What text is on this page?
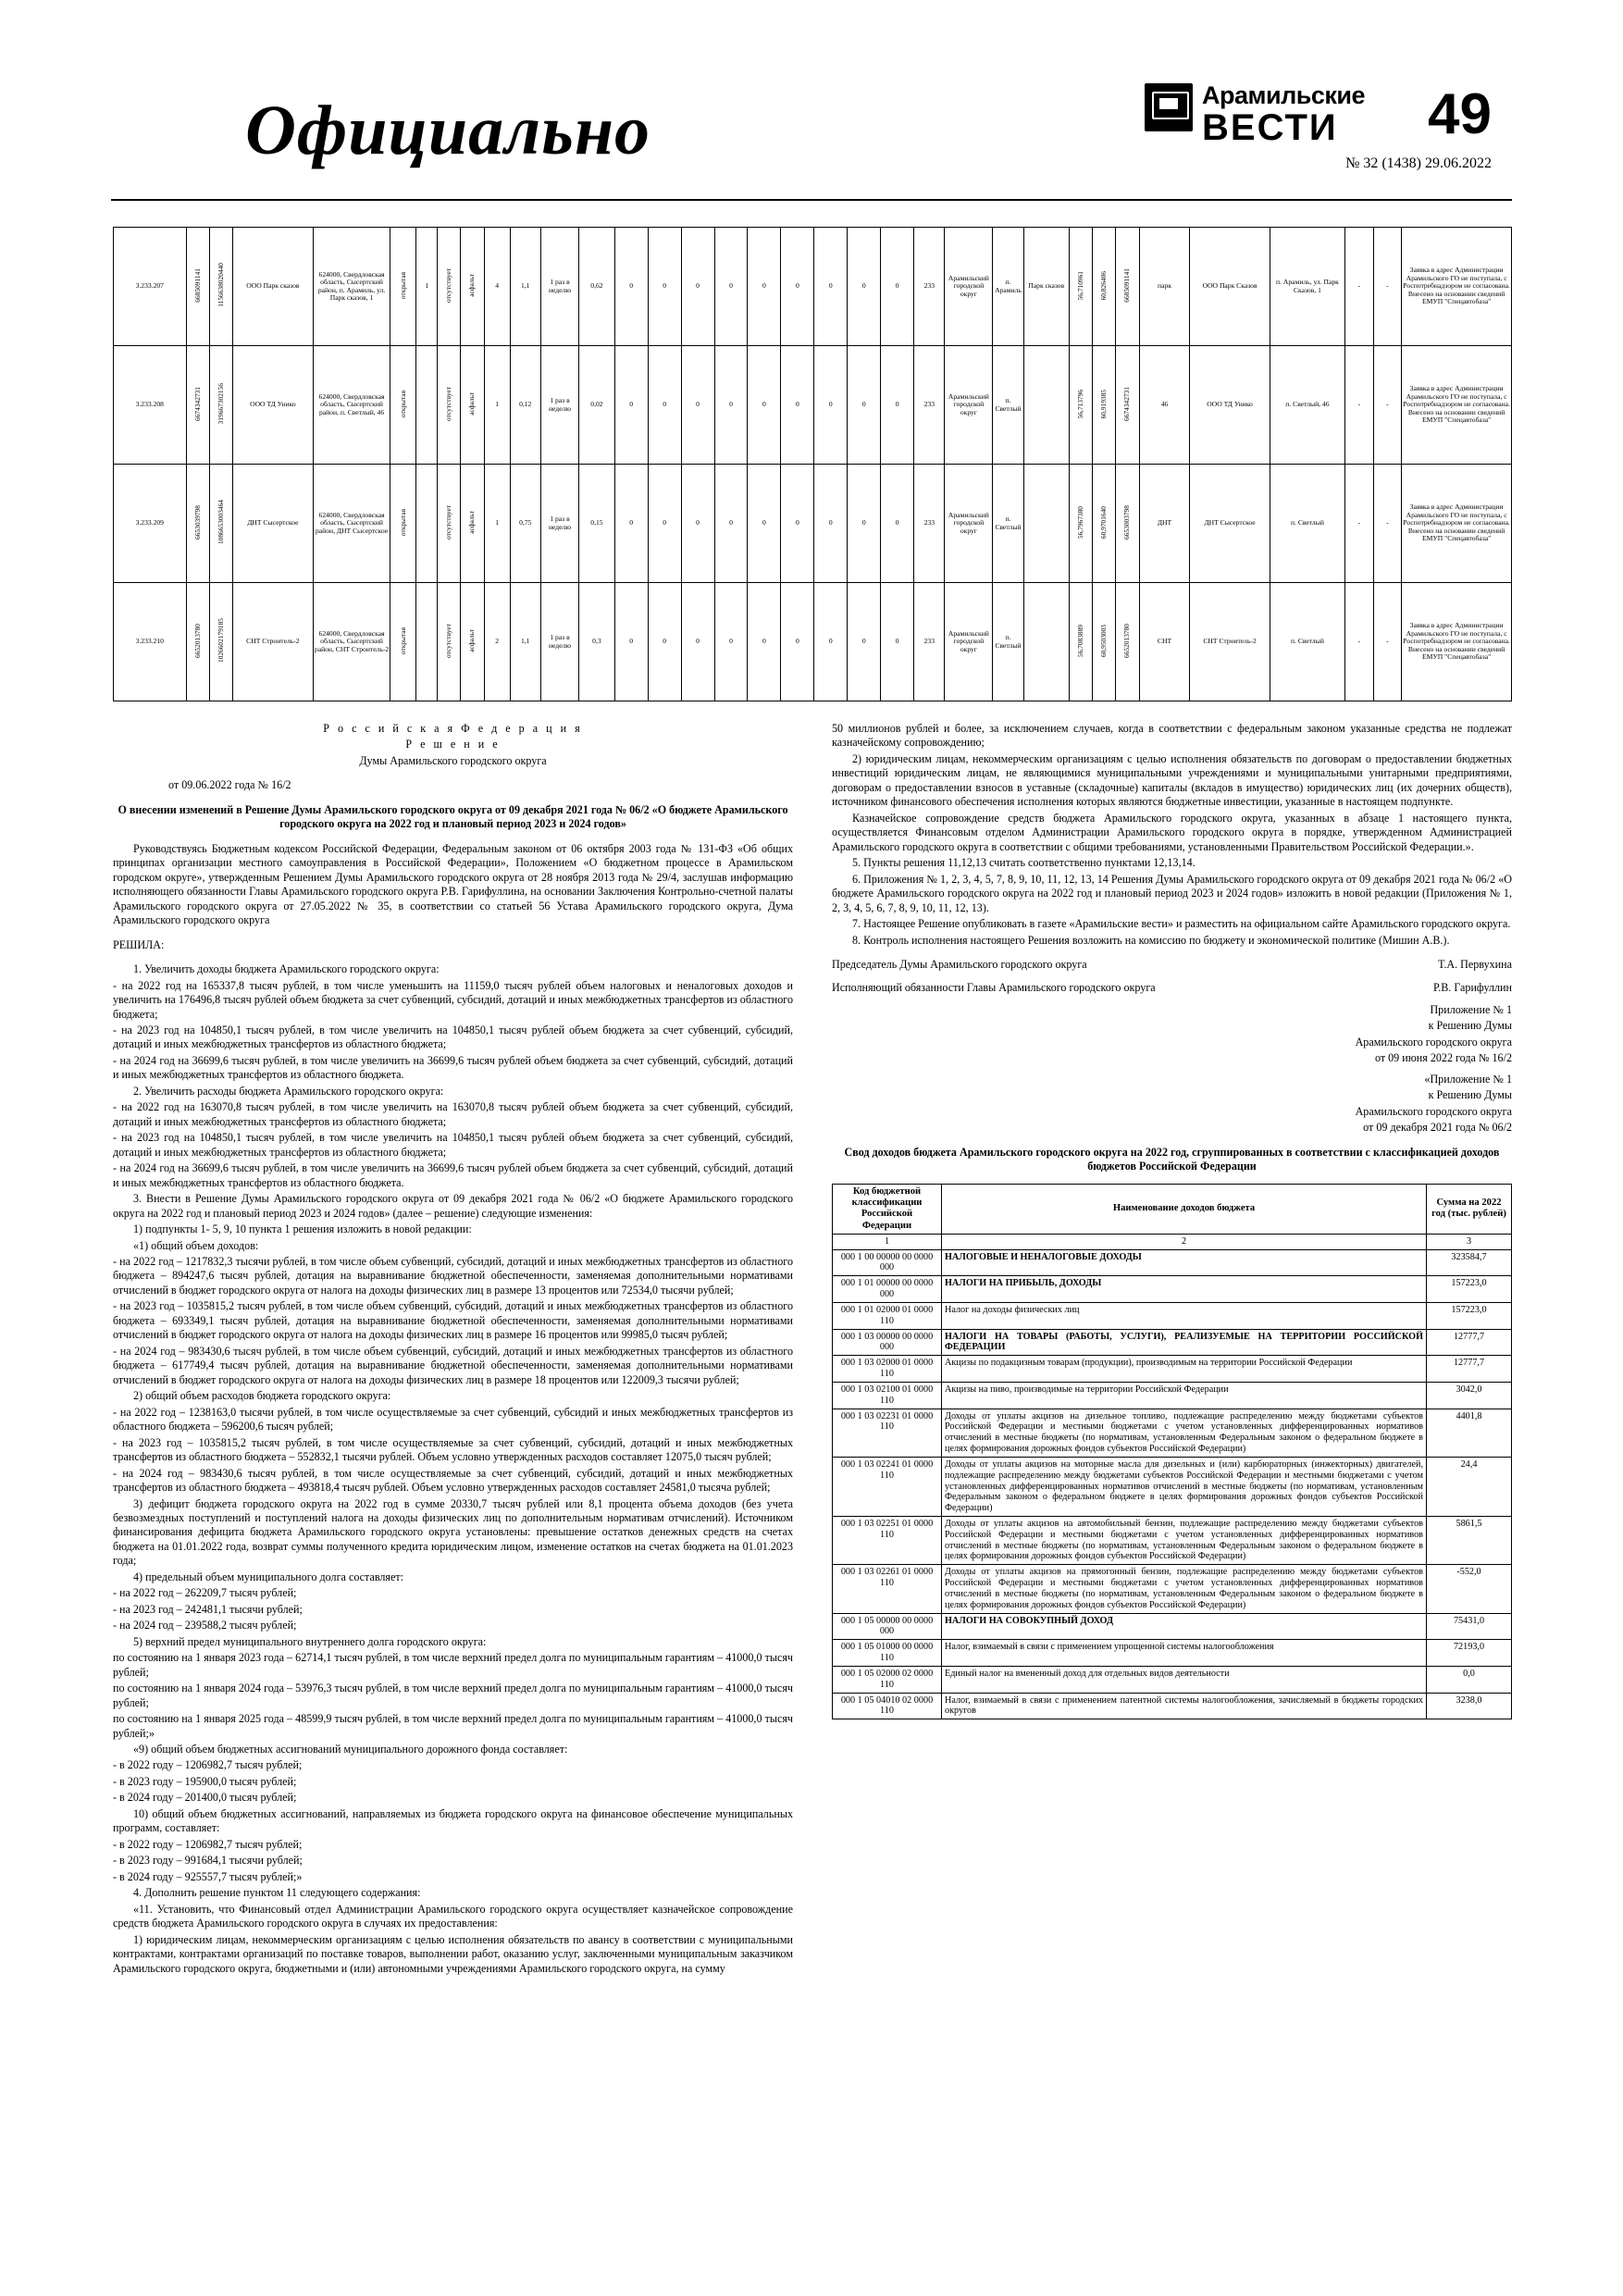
Официально	Арамильские
ВЕСТИ	49
№ 32 (1438) 29.06.2022
3.233.207	6685091141	1156638020440	ООО Парк сказов	624000, Свердловская область, Сысертский район, п. Арамиль, ул. Парк сказов, 1	открытая	1	отсутствует	асфальт	4	1,1	1 раз в неделю	0,62	0	0	0	0	0	0	0	0	0	233	Арамильский городской округ	п. Арамиль	Парк сказов	56,710961	60,826406	6685091141	парк	ООО Парк Сказов	п. Арамиль, ул. Парк Сказов, 1	-	-	Заявка в адрес Администрации Арамильского ГО не поступала, с Роспотребнадзором не согласована. Внесено на основании сведений ЕМУП "Спецавтобаза"
3.233.208	6674342731	319667302156	ООО ТД Унико	624000, Свердловская область, Сысертский район, п. Светлый, 46	открытая		отсутствует	асфальт	1	0,12	1 раз в неделю	0,02	0	0	0	0	0	0	0	0	0	233	Арамильский городской округ	п. Светлый		56,713796	60,919385	6674342731	46	ООО ТД Унико	п. Светлый, 46	-	-	Заявка в адрес Администрации Арамильского ГО не поступала, с Роспотребнадзором не согласована. Внесено на основании сведений ЕМУП "Спецавтобаза"
3.233.209	6653039798	1086653003464	ДНТ Сысертское	624000, Свердловская область, Сысертский район, ДНТ Сысертское	открытая		отсутствует	асфальт	1	0,75	1 раз в неделю	0,15	0	0	0	0	0	0	0	0	0	233	Арамильский городской округ	п. Светлый		56,7967380	60,9701640	6653003798	ДНТ	ДНТ Сысертское	п. Светлый	-	-	Заявка в адрес Администрации Арамильского ГО не поступала, с Роспотребнадзором не согласована. Внесено на основании сведений ЕМУП "Спецавтобаза"
3.233.210	6652013780	1026602179185	СНТ Строитель-2	624000, Свердловская область, Сысертский район, СНТ Строитель-2	открытая		отсутствует	асфальт	2	1,1	1 раз в неделю	0,3	0	0	0	0	0	0	0	0	0	233	Арамильский городской округ	п. Светлый		56,7083889	60,9503003	6652013780	СНТ	СНТ Строитель-2	п. Светлый	-	-	Заявка в адрес Администрации Арамильского ГО не поступала, с Роспотребнадзором не согласована. Внесено на основании сведений ЕМУП "Спецавтобаза"

Р о с с и й с к а я Ф е д е р а ц и я

Р е ш е н и е

Думы Арамильского городского округа

от 09.06.2022 года № 16/2

О внесении изменений в Решение Думы Арамильского городского округа от 09 декабря 2021 года № 06/2 «О бюджете Арамильского городского округа на 2022 год и плановый период 2023 и 2024 годов»

Руководствуясь Бюджетным кодексом Российской Федерации, Федеральным законом от 06 октября 2003 года № 131-ФЗ «Об общих принципах организации местного самоуправления в Российской Федерации», Положением «О бюджетном процессе в Арамильском городском округе», утвержденным Решением Думы Арамильского городского округа от 28 ноября 2013 года № 29/4, заслушав информацию исполняющего обязанности Главы Арамильского городского округа Р.В. Гарифуллина, на основании Заключения Контрольно-счетной палаты Арамильского городского округа от 27.05.2022 № 35, в соответствии со статьей 56 Устава Арамильского городского округа, Дума Арамильского городского округа

РЕШИЛА:

1. Увеличить доходы бюджета Арамильского городского округа:

- на 2022 год на 165337,8 тысяч рублей, в том числе уменьшить на 11159,0 тысяч рублей объем налоговых и неналоговых доходов и увеличить на 176496,8 тысяч рублей объем бюджета за счет субвенций, субсидий, дотаций и иных межбюджетных трансфертов из областного бюджета;

- на 2023 год на 104850,1 тысяч рублей, в том числе увеличить на 104850,1 тысяч рублей объем бюджета за счет субвенций, субсидий, дотаций и иных межбюджетных трансфертов из областного бюджета;

- на 2024 год на 36699,6 тысяч рублей, в том числе увеличить на 36699,6 тысяч рублей объем бюджета за счет субвенций, субсидий, дотаций и иных межбюджетных трансфертов из областного бюджета.

2. Увеличить расходы бюджета Арамильского городского округа:

- на 2022 год на 163070,8 тысяч рублей, в том числе увеличить на 163070,8 тысяч рублей объем бюджета за счет субвенций, субсидий, дотаций и иных межбюджетных трансфертов из областного бюджета;

- на 2023 год на 104850,1 тысяч рублей, в том числе увеличить на 104850,1 тысяч рублей объем бюджета за счет субвенций, субсидий, дотаций и иных межбюджетных трансфертов из областного бюджета;

- на 2024 год на 36699,6 тысяч рублей, в том числе увеличить на 36699,6 тысяч рублей объем бюджета за счет субвенций, субсидий, дотаций и иных межбюджетных трансфертов из областного бюджета.

3. Внести в Решение Думы Арамильского городского округа от 09 декабря 2021 года № 06/2 «О бюджете Арамильского городского округа на 2022 год и плановый период 2023 и 2024 годов» (далее – решение) следующие изменения:

1) подпункты 1- 5, 9, 10 пункта 1 решения изложить в новой редакции:

«1) общий объем доходов:

- на 2022 год – 1217832,3 тысячи рублей, в том числе объем субвенций, субсидий, дотаций и иных межбюджетных трансфертов из областного бюджета – 894247,6 тысяч рублей, дотация на выравнивание бюджетной обеспеченности, заменяемая дополнительными нормативами отчислений в бюджет городского округа от налога на доходы физических лиц в размере 13 процентов или 72534,0 тысячи рублей;

- на 2023 год – 1035815,2 тысяч рублей, в том числе объем субвенций, субсидий, дотаций и иных межбюджетных трансфертов из областного бюджета – 693349,1 тысяч рублей, дотация на выравнивание бюджетной обеспеченности, заменяемая дополнительными нормативами отчислений в бюджет городского округа от налога на доходы физических лиц в размере 16 процентов или 99985,0 тысяч рублей;

- на 2024 год – 983430,6 тысяч рублей, в том числе объем субвенций, субсидий, дотаций и иных межбюджетных трансфертов из областного бюджета – 617749,4 тысяч рублей, дотация на выравнивание бюджетной обеспеченности, заменяемая дополнительными нормативами отчислений в бюджет городского округа от налога на доходы физических лиц в размере 18 процентов или 122009,3 тысячи рублей;

2) общий объем расходов бюджета городского округа:

- на 2022 год – 1238163,0 тысячи рублей, в том числе осуществляемые за счет субвенций, субсидий и иных межбюджетных трансфертов из областного бюджета – 596200,6 тысяч рублей;

- на 2023 год – 1035815,2 тысяч рублей, в том числе осуществляемые за счет субвенций, субсидий, дотаций и иных межбюджетных трансфертов из областного бюджета – 552832,1 тысячи рублей. Объем условно утвержденных расходов составляет 12075,0 тысяч рублей;

- на 2024 год – 983430,6 тысяч рублей, в том числе осуществляемые за счет субвенций, субсидий, дотаций и иных межбюджетных трансфертов из областного бюджета – 493818,4 тысяч рублей. Объем условно утвержденных расходов составляет 24581,0 тысяча рублей;

3) дефицит бюджета городского округа на 2022 год в сумме 20330,7 тысяч рублей или 8,1 процента объема доходов (без учета безвозмездных поступлений и поступлений налога на доходы физических лиц по дополнительным нормативам отчислений). Источником финансирования дефицита бюджета Арамильского городского округа установлены: превышение остатков денежных средств на счетах бюджета на 01.01.2022 года, возврат суммы полученного кредита юридическим лицом, изменение остатков на счетах бюджета на 01.01.2023 года;

4) предельный объем муниципального долга составляет:

- на 2022 год – 262209,7 тысяч рублей;

- на 2023 год – 242481,1 тысячи рублей;

- на 2024 год – 239588,2 тысяч рублей;

5) верхний предел муниципального внутреннего долга городского округа:

по состоянию на 1 января 2023 года – 62714,1 тысяч рублей, в том числе верхний предел долга по муниципальным гарантиям – 41000,0 тысяч рублей;

по состоянию на 1 января 2024 года – 53976,3 тысяч рублей, в том числе верхний предел долга по муниципальным гарантиям – 41000,0 тысяч рублей;

по состоянию на 1 января 2025 года – 48599,9 тысяч рублей, в том числе верхний предел долга по муниципальным гарантиям – 41000,0 тысяч рублей;»

«9) общий объем бюджетных ассигнований муниципального дорожного фонда составляет:

- в 2022 году – 1206982,7 тысяч рублей;

- в 2023 году – 195900,0 тысяч рублей;

- в 2024 году – 201400,0 тысяч рублей;

10) общий объем бюджетных ассигнований, направляемых из бюджета городского округа на финансовое обеспечение муниципальных программ, составляет:

- в 2022 году – 1206982,7 тысяч рублей;

- в 2023 году – 991684,1 тысячи рублей;

- в 2024 году – 925557,7 тысяч рублей;»

4. Дополнить решение пунктом 11 следующего содержания:

«11. Установить, что Финансовый отдел Администрации Арамильского городского округа осуществляет казначейское сопровождение средств бюджета Арамильского городского округа в случаях их предоставления:

1) юридическим лицам, некоммерческим организациям с целью исполнения обязательств по авансу в соответствии с муниципальными контрактами, контрактами организаций по поставке товаров, выполнении работ, оказанию услуг, заключенными муниципальным заказчиком Арамильского городского округа, бюджетными и (или) автономными учреждениями Арамильского городского округа, на сумму

50 миллионов рублей и более, за исключением случаев, когда в соответствии с федеральным законом указанные средства не подлежат казначейскому сопровождению;

2) юридическим лицам, некоммерческим организациям с целью исполнения обязательств по договорам о предоставлении бюджетных инвестиций юридическим лицам, не являющимися муниципальными учреждениями и муниципальными унитарными предприятиями, договорам о предоставлении взносов в уставные (складочные) капиталы (вкладов в имущество) юридических лиц (их дочерних обществ), источником финансового обеспечения исполнения которых являются бюджетные инвестиции, указанные в настоящем подпункте.

Казначейское сопровождение средств бюджета Арамильского городского округа, указанных в абзаце 1 настоящего пункта, осуществляется Финансовым отделом Администрации Арамильского городского округа в порядке, утвержденном Администрацией Арамильского городского округа в соответствии с общими требованиями, установленными Правительством Российской Федерации.».

5. Пункты решения 11,12,13 считать соответственно пунктами 12,13,14.

6. Приложения № 1, 2, 3, 4, 5, 7, 8, 9, 10, 11, 12, 13, 14 Решения Думы Арамильского городского округа от 09 декабря 2021 года № 06/2 «О бюджете Арамильского городского округа на 2022 год и плановый период 2023 и 2024 годов» изложить в новой редакции (Приложения № 1, 2, 3, 4, 5, 6, 7, 8, 9, 10, 11, 12, 13).

7. Настоящее Решение опубликовать в газете «Арамильские вести» и разместить на официальном сайте Арамильского городского округа.

8. Контроль исполнения настоящего Решения возложить на комиссию по бюджету и экономической политике (Мишин А.В.).

Председатель Думы Арамильского городского округа	Т.А. Первухина
Исполняющий обязанности Главы Арамильского городского округа	Р.В. Гарифуллин

Приложение № 1

к Решению Думы

Арамильского городского округа

от 09 июня 2022 года № 16/2

«Приложение № 1

к Решению Думы

Арамильского городского округа

от 09 декабря 2021 года № 06/2

Свод доходов бюджета Арамильского городского округа на 2022 год, сгруппированных в соответствии с классификацией доходов бюджетов Российской Федерации

Код бюджетной классификации Российской Федерации	Наименование доходов бюджета	Сумма на 2022 год (тыс. рублей)
1	2	3
000 1 00 00000 00 0000 000	НАЛОГОВЫЕ И НЕНАЛОГОВЫЕ ДОХОДЫ	323584,7
000 1 01 00000 00 0000 000	НАЛОГИ НА ПРИБЫЛЬ, ДОХОДЫ	157223,0
000 1 01 02000 01 0000 110	Налог на доходы физических лиц	157223,0
000 1 03 00000 00 0000 000	НАЛОГИ НА ТОВАРЫ (РАБОТЫ, УСЛУГИ), РЕАЛИЗУЕМЫЕ НА ТЕРРИТОРИИ РОССИЙСКОЙ ФЕДЕРАЦИИ	12777,7
000 1 03 02000 01 0000 110	Акцизы по подакцизным товарам (продукции), производимым на территории Российской Федерации	12777,7
000 1 03 02100 01 0000 110	Акцизы на пиво, производимые на территории Российской Федерации	3042,0
000 1 03 02231 01 0000 110	Доходы от уплаты акцизов на дизельное топливо, подлежащие распределению между бюджетами субъектов Российской Федерации и местными бюджетами с учетом установленных дифференцированных нормативов отчислений в местные бюджеты (по нормативам, установленным Федеральным законом о федеральном бюджете в целях формирования дорожных фондов субъектов Российской Федерации)	4401,8
000 1 03 02241 01 0000 110	Доходы от уплаты акцизов на моторные масла для дизельных и (или) карбюраторных (инжекторных) двигателей, подлежащие распределению между бюджетами субъектов Российской Федерации и местными бюджетами с учетом установленных дифференцированных нормативов отчислений в местные бюджеты (по нормативам, установленным Федеральным законом о федеральном бюджете в целях формирования дорожных фондов субъектов Российской Федерации)	24,4
000 1 03 02251 01 0000 110	Доходы от уплаты акцизов на автомобильный бензин, подлежащие распределению между бюджетами субъектов Российской Федерации и местными бюджетами с учетом установленных дифференцированных нормативов отчислений в местные бюджеты (по нормативам, установленным Федеральным законом о федеральном бюджете в целях формирования дорожных фондов субъектов Российской Федерации)	5861,5
000 1 03 02261 01 0000 110	Доходы от уплаты акцизов на прямогонный бензин, подлежащие распределению между бюджетами субъектов Российской Федерации и местными бюджетами с учетом установленных дифференцированных нормативов отчислений в местные бюджеты (по нормативам, установленным Федеральным законом о федеральном бюджете в целях формирования дорожных фондов субъектов Российской Федерации)	-552,0
000 1 05 00000 00 0000 000	НАЛОГИ НА СОВОКУПНЫЙ ДОХОД	75431,0
000 1 05 01000 00 0000 110	Налог, взимаемый в связи с применением упрощенной системы налогообложения	72193,0
000 1 05 02000 02 0000 110	Единый налог на вмененный доход для отдельных видов деятельности	0,0
000 1 05 04010 02 0000 110	Налог, взимаемый в связи с применением патентной системы налогообложения, зачисляемый в бюджеты городских округов	3238,0
